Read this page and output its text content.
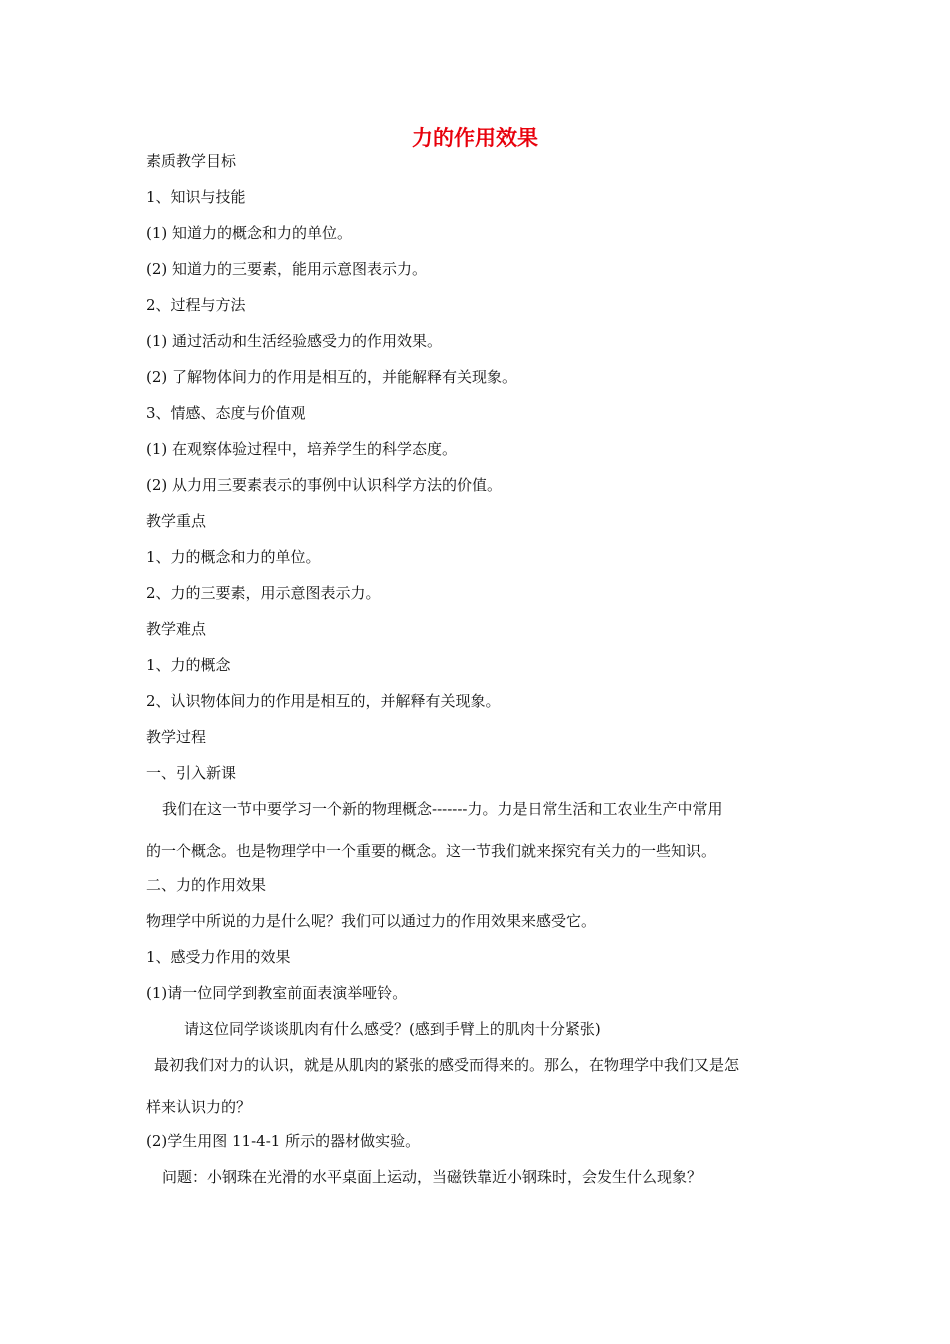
力的作用效果
素质教学目标
1、知识与技能
(1) 知道力的概念和力的单位。
(2) 知道力的三要素，能用示意图表示力。
2、过程与方法
(1) 通过活动和生活经验感受力的作用效果。
(2) 了解物体间力的作用是相互的，并能解释有关现象。
3、情感、态度与价值观
(1) 在观察体验过程中，培养学生的科学态度。
(2) 从力用三要素表示的事例中认识科学方法的价值。
教学重点
1、力的概念和力的单位。
2、力的三要素，用示意图表示力。
教学难点
1、力的概念
2、认识物体间力的作用是相互的，并解释有关现象。
教学过程
一、引入新课
我们在这一节中要学习一个新的物理概念-------力。力是日常生活和工农业生产中常用
的一个概念。也是物理学中一个重要的概念。这一节我们就来探究有关力的一些知识。
二、力的作用效果
物理学中所说的力是什么呢？我们可以通过力的作用效果来感受它。
1、感受力作用的效果
(1)请一位同学到教室前面表演举哑铃。
请这位同学谈谈肌肉有什么感受？(感到手臂上的肌肉十分紧张)
最初我们对力的认识，就是从肌肉的紧张的感受而得来的。那么，在物理学中我们又是怎
样来认识力的？
(2)学生用图 11-4-1 所示的器材做实验。
问题：小钢珠在光滑的水平桌面上运动，当磁铁靠近小钢珠时，会发生什么现象？
